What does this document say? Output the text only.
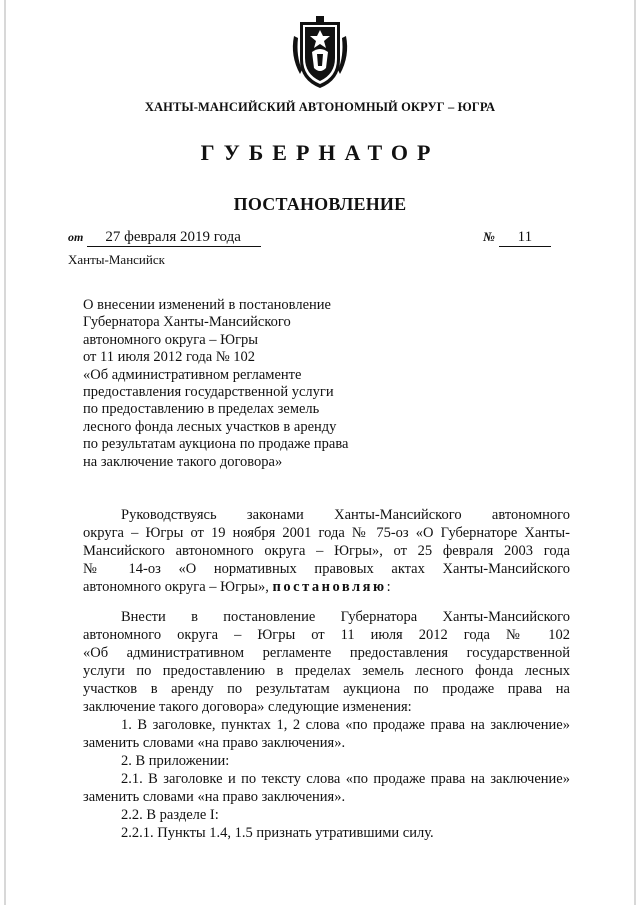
ХАНТЫ-МАНСИЙСКИЙ АВТОНОМНЫЙ ОКРУГ – ЮГРА
ГУБЕРНАТОР
ПОСТАНОВЛЕНИЕ
от 27 февраля 2019 года	№ 11
Ханты-Мансийск
О внесении изменений в постановление
Губернатора Ханты-Мансийского
автономного округа – Югры
от 11 июля 2012 года № 102
«Об административном регламенте
предоставления государственной услуги
по предоставлению в пределах земель
лесного фонда лесных участков в аренду
по результатам аукциона по продаже права
на заключение такого договора»
Руководствуясь законами Ханты-Мансийского автономного
округа – Югры от 19 ноября 2001 года № 75-оз «О Губернаторе Ханты-
Мансийского автономного округа – Югры», от 25 февраля 2003 года
№ 14-оз «О нормативных правовых актах Ханты-Мансийского
автономного округа – Югры», постановляю:
Внести в постановление Губернатора Ханты-Мансийского
автономного округа – Югры от 11 июля 2012 года № 102
«Об административном регламенте предоставления государственной
услуги по предоставлению в пределах земель лесного фонда лесных
участков в аренду по результатам аукциона по продаже права на
заключение такого договора» следующие изменения:
1. В заголовке, пунктах 1, 2 слова «по продаже права на заключение»
заменить словами «на право заключения».
2. В приложении:
2.1. В заголовке и по тексту слова «по продаже права на заключение»
заменить словами «на право заключения».
2.2. В разделе I:
2.2.1. Пункты 1.4, 1.5 признать утратившими силу.
